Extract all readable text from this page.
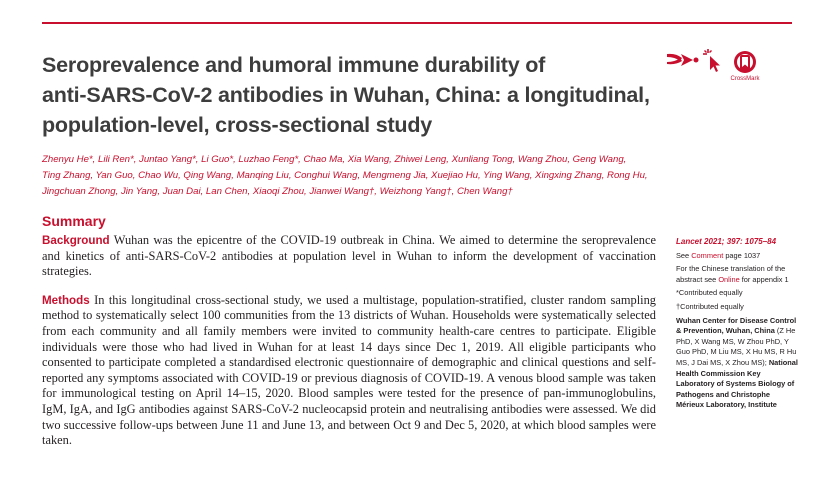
Seroprevalence and humoral immune durability of
anti-SARS-CoV-2 antibodies in Wuhan, China: a longitudinal,
population-level, cross-sectional study
CrossMark
Zhenyu He*, Lili Ren*, Juntao Yang*, Li Guo*, Luzhao Feng*, Chao Ma, Xia Wang, Zhiwei Leng, Xunliang Tong, Wang Zhou, Geng Wang,
Ting Zhang, Yan Guo, Chao Wu, Qing Wang, Manqing Liu, Conghui Wang, Mengmeng Jia, Xuejiao Hu, Ying Wang, Xingxing Zhang, Rong Hu,
Jingchuan Zhong, Jin Yang, Juan Dai, Lan Chen, Xiaoqi Zhou, Jianwei Wang†, Weizhong Yang†, Chen Wang†
Summary

Background Wuhan was the epicentre of the COVID-19 outbreak in China. We aimed to determine the seroprevalence and kinetics of anti-SARS-CoV-2 antibodies at population level in Wuhan to inform the development of vaccination strategies.

Methods In this longitudinal cross-sectional study, we used a multistage, population-stratified, cluster random sampling method to systematically select 100 communities from the 13 districts of Wuhan. Households were systematically selected from each community and all family members were invited to community health-care centres to participate. Eligible individuals were those who had lived in Wuhan for at least 14 days since Dec 1, 2019. All eligible participants who consented to participate completed a standardised electronic questionnaire of demographic and clinical questions and self-reported any symptoms associated with COVID-19 or previous diagnosis of COVID-19. A venous blood sample was taken for immunological testing on April 14–15, 2020. Blood samples were tested for the presence of pan-immunoglobulins, IgM, IgA, and IgG antibodies against SARS-CoV-2 nucleocapsid protein and neutralising antibodies were assessed. We did two successive follow-ups between June 11 and June 13, and between Oct 9 and Dec 5, 2020, at which blood samples were taken.

Lancet 2021; 397: 1075–84
See Comment page 1037
For the Chinese translation of the abstract see Online for appendix 1
*Contributed equally
†Contributed equally
Wuhan Center for Disease Control & Prevention, Wuhan, China (Z He PhD, X Wang MS, W Zhou PhD, Y Guo PhD, M Liu MS, X Hu MS, R Hu MS, J Dai MS, X Zhou MS); National Health Commission Key Laboratory of Systems Biology of Pathogens and Christophe Mérieux Laboratory, Institute
